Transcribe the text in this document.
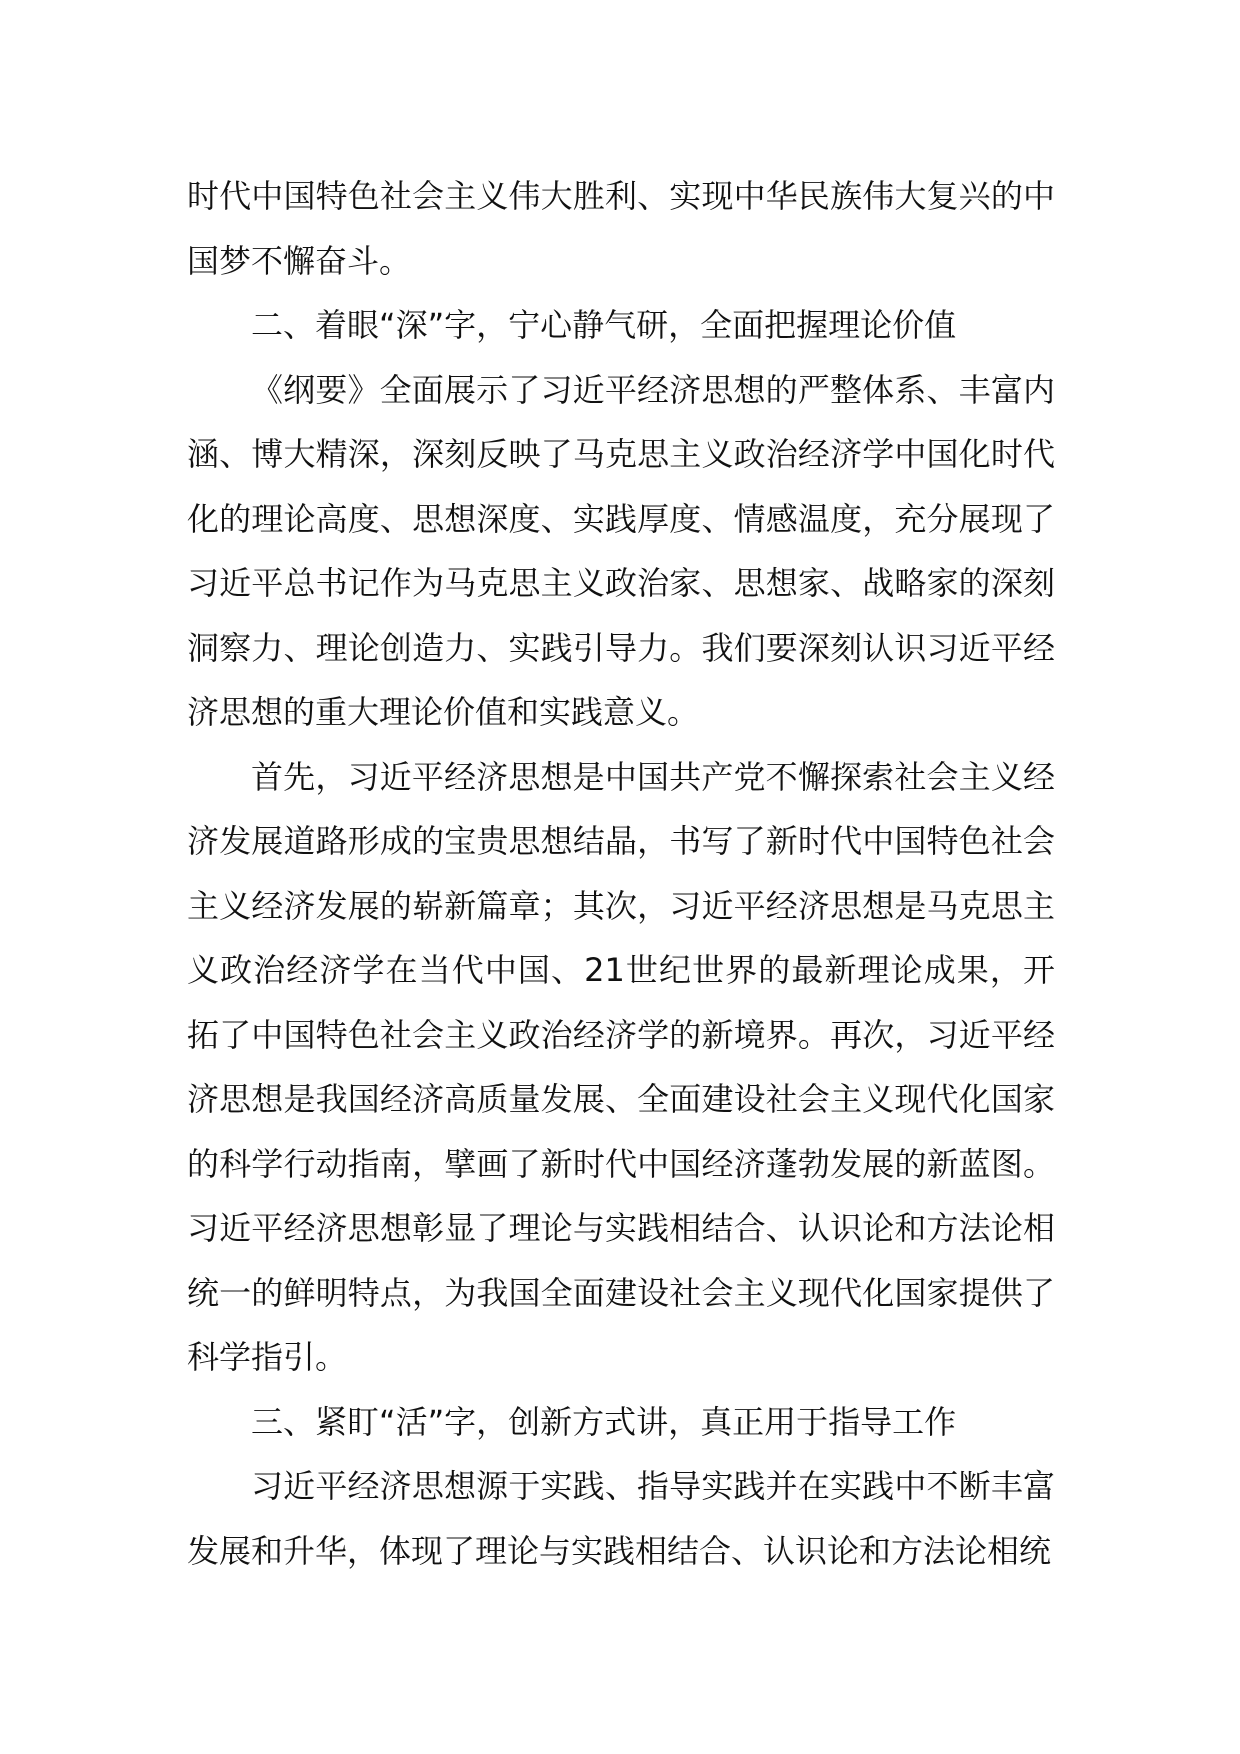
时代中国特色社会主义伟大胜利、实现中华民族伟大复兴的中国梦不懈奋斗。

二、着眼“深”字，宁心静气研，全面把握理论价值

《纲要》全面展示了习近平经济思想的严整体系、丰富内涵、博大精深，深刻反映了马克思主义政治经济学中国化时代化的理论高度、思想深度、实践厚度、情感温度，充分展现了习近平总书记作为马克思主义政治家、思想家、战略家的深刻洞察力、理论创造力、实践引导力。我们要深刻认识习近平经济思想的重大理论价值和实践意义。

首先，习近平经济思想是中国共产党不懈探索社会主义经济发展道路形成的宝贵思想结晶，书写了新时代中国特色社会主义经济发展的崭新篇章；其次，习近平经济思想是马克思主义政治经济学在当代中国、21世纪世界的最新理论成果，开拓了中国特色社会主义政治经济学的新境界。再次，习近平经济思想是我国经济高质量发展、全面建设社会主义现代化国家的科学行动指南，擘画了新时代中国经济蓬勃发展的新蓝图。习近平经济思想彰显了理论与实践相结合、认识论和方法论相统一的鲜明特点，为我国全面建设社会主义现代化国家提供了科学指引。

三、紧盯“活”字，创新方式讲，真正用于指导工作

习近平经济思想源于实践、指导实践并在实践中不断丰富发展和升华，体现了理论与实践相结合、认识论和方法论相统
